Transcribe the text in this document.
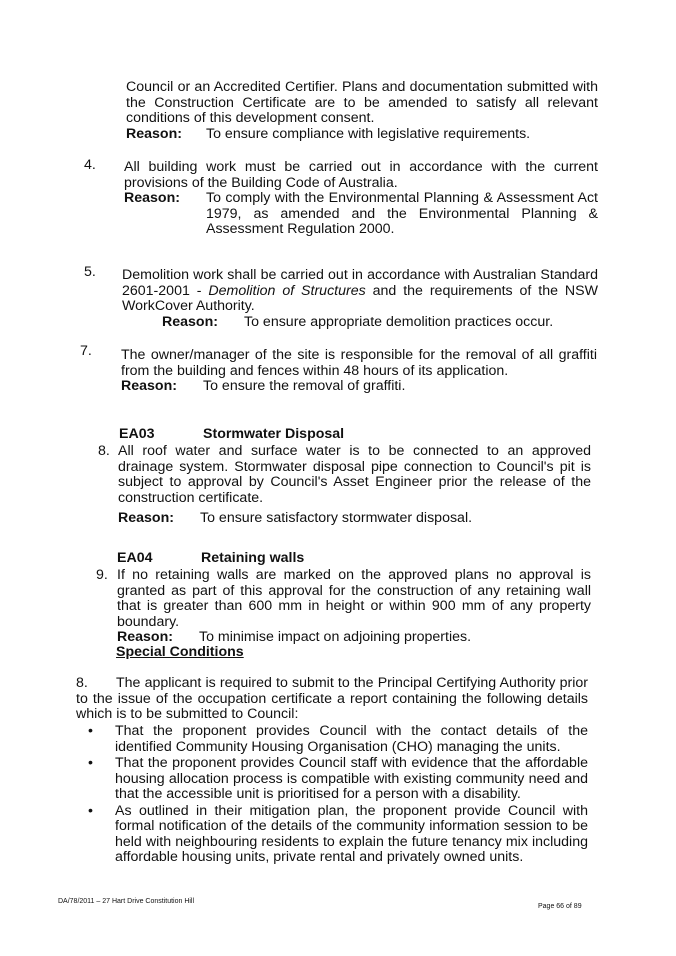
Council or an Accredited Certifier. Plans and documentation submitted with the Construction Certificate are to be amended to satisfy all relevant conditions of this development consent.
Reason:	To ensure compliance with legislative requirements.
4. All building work must be carried out in accordance with the current provisions of the Building Code of Australia.
Reason:	To comply with the Environmental Planning & Assessment Act 1979, as amended and the Environmental Planning & Assessment Regulation 2000.
5. Demolition work shall be carried out in accordance with Australian Standard 2601-2001 - Demolition of Structures and the requirements of the NSW WorkCover Authority.
Reason:	To ensure appropriate demolition practices occur.
7. The owner/manager of the site is responsible for the removal of all graffiti from the building and fences within 48 hours of its application.
Reason:	To ensure the removal of graffiti.
EA03	Stormwater Disposal
8. All roof water and surface water is to be connected to an approved drainage system. Stormwater disposal pipe connection to Council's pit is subject to approval by Council's Asset Engineer prior the release of the construction certificate.
Reason:	To ensure satisfactory stormwater disposal.
EA04	Retaining walls
9. If no retaining walls are marked on the approved plans no approval is granted as part of this approval for the construction of any retaining wall that is greater than 600 mm in height or within 900 mm of any property boundary.
Reason:	To minimise impact on adjoining properties.
Special Conditions
8. The applicant is required to submit to the Principal Certifying Authority prior to the issue of the occupation certificate a report containing the following details which is to be submitted to Council:
• That the proponent provides Council with the contact details of the identified Community Housing Organisation (CHO) managing the units.
• That the proponent provides Council staff with evidence that the affordable housing allocation process is compatible with existing community need and that the accessible unit is prioritised for a person with a disability.
• As outlined in their mitigation plan, the proponent provide Council with formal notification of the details of the community information session to be held with neighbouring residents to explain the future tenancy mix including affordable housing units, private rental and privately owned units.
DA/78/2011 – 27 Hart Drive Constitution Hill
Page 66 of 89
